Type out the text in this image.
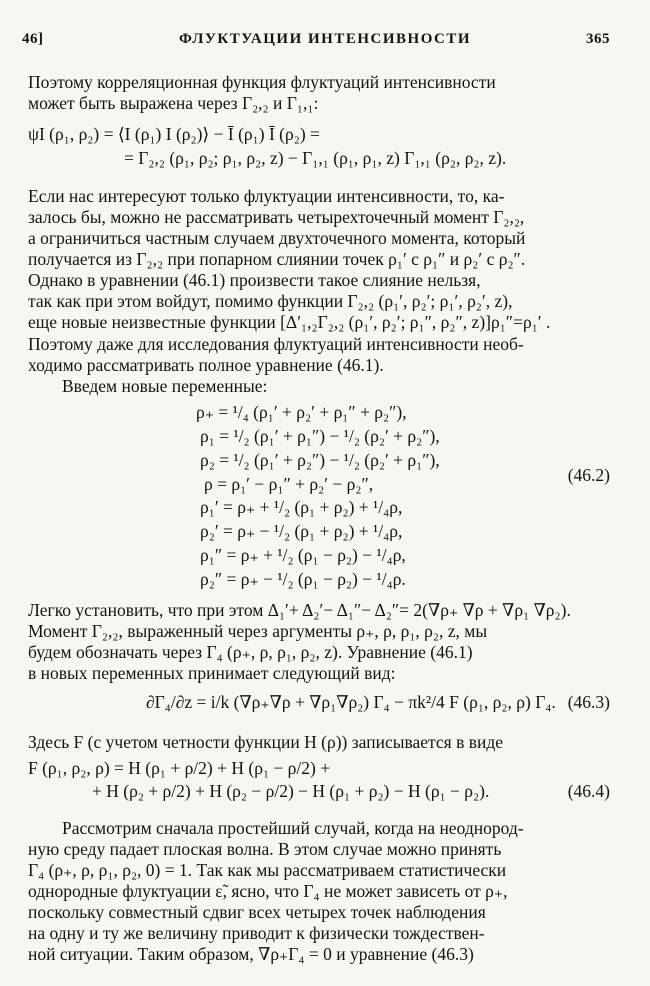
46]	ФЛУКТУАЦИИ ИНТЕНСИВНОСТИ	365
Поэтому корреляционная функция флуктуаций интенсивности
может быть выражена через Γ₂,₂ и Γ₁,₁:
ψI (ρ₁, ρ₂) = ⟨I (ρ₁) I (ρ₂)⟩ − Ī (ρ₁) Ī (ρ₂) =
= Γ₂,₂ (ρ₁, ρ₂; ρ₁, ρ₂, z) − Γ₁,₁ (ρ₁, ρ₁, z) Γ₁,₁ (ρ₂, ρ₂, z).
Если нас интересуют только флуктуации интенсивности, то, ка-
залось бы, можно не рассматривать четырехточечный момент Γ₂,₂,
а ограничиться частным случаем двухточечного момента, который
получается из Γ₂,₂ при попарном слиянии точек ρ₁′ с ρ₁″ и ρ₂′ с ρ₂″.
Однако в уравнении (46.1) произвести такое слияние нельзя,
так как при этом войдут, помимо функции Γ₂,₂ (ρ₁′, ρ₂′; ρ₁′, ρ₂′, z),
еще новые неизвестные функции [Δ′₁,₂Γ₂,₂ (ρ₁′, ρ₂′; ρ₁″, ρ₂″, z)]ρ₁″=ρ₁′ .
Поэтому даже для исследования флуктуаций интенсивности необ-
ходимо рассматривать полное уравнение (46.1).
Введем новые переменные:
ρ₊ = ¹/₄ (ρ₁′ + ρ₂′ + ρ₁″ + ρ₂″),
ρ₁ = ¹/₂ (ρ₁′ + ρ₁″) − ¹/₂ (ρ₂′ + ρ₂″),
ρ₂ = ¹/₂ (ρ₁′ + ρ₂″) − ¹/₂ (ρ₂′ + ρ₁″),
ρ = ρ₁′ − ρ₁″ + ρ₂′ − ρ₂″,
ρ₁′ = ρ₊ + ¹/₂ (ρ₁ + ρ₂) + ¹/₄ρ,
ρ₂′ = ρ₊ − ¹/₂ (ρ₁ + ρ₂) + ¹/₄ρ,
ρ₁″ = ρ₊ + ¹/₂ (ρ₁ − ρ₂) − ¹/₄ρ,
ρ₂″ = ρ₊ − ¹/₂ (ρ₁ − ρ₂) − ¹/₄ρ.
(46.2)
Легко установить, что при этом Δ₁′+ Δ₂′− Δ₁″− Δ₂″= 2(∇ρ₊ ∇ρ + ∇ρ₁ ∇ρ₂).
Момент Γ₂,₂, выраженный через аргументы ρ₊, ρ, ρ₁, ρ₂, z, мы
будем обозначать через Γ₄ (ρ₊, ρ, ρ₁, ρ₂, z). Уравнение (46.1)
в новых переменных принимает следующий вид:
∂Γ₄/∂z = i/k (∇ρ₊∇ρ + ∇ρ₁∇ρ₂) Γ₄ − πk²/4 F (ρ₁, ρ₂, ρ) Γ₄. (46.3)
Здесь F (с учетом четности функции H (ρ)) записывается в виде
F (ρ₁, ρ₂, ρ) = H (ρ₁ + ρ/2) + H (ρ₁ − ρ/2) +
+ H (ρ₂ + ρ/2) + H (ρ₂ − ρ/2) − H (ρ₁ + ρ₂) − H (ρ₁ − ρ₂).	(46.4)
Рассмотрим сначала простейший случай, когда на неоднород-
ную среду падает плоская волна. В этом случае можно принять
Γ₄ (ρ₊, ρ, ρ₁, ρ₂, 0) = 1. Так как мы рассматриваем статистически
однородные флуктуации ε̃, ясно, что Γ₄ не может зависеть от ρ₊,
поскольку совместный сдвиг всех четырех точек наблюдения
на одну и ту же величину приводит к физически тождествен-
ной ситуации. Таким образом, ∇ρ₊Γ₄ = 0 и уравнение (46.3)
